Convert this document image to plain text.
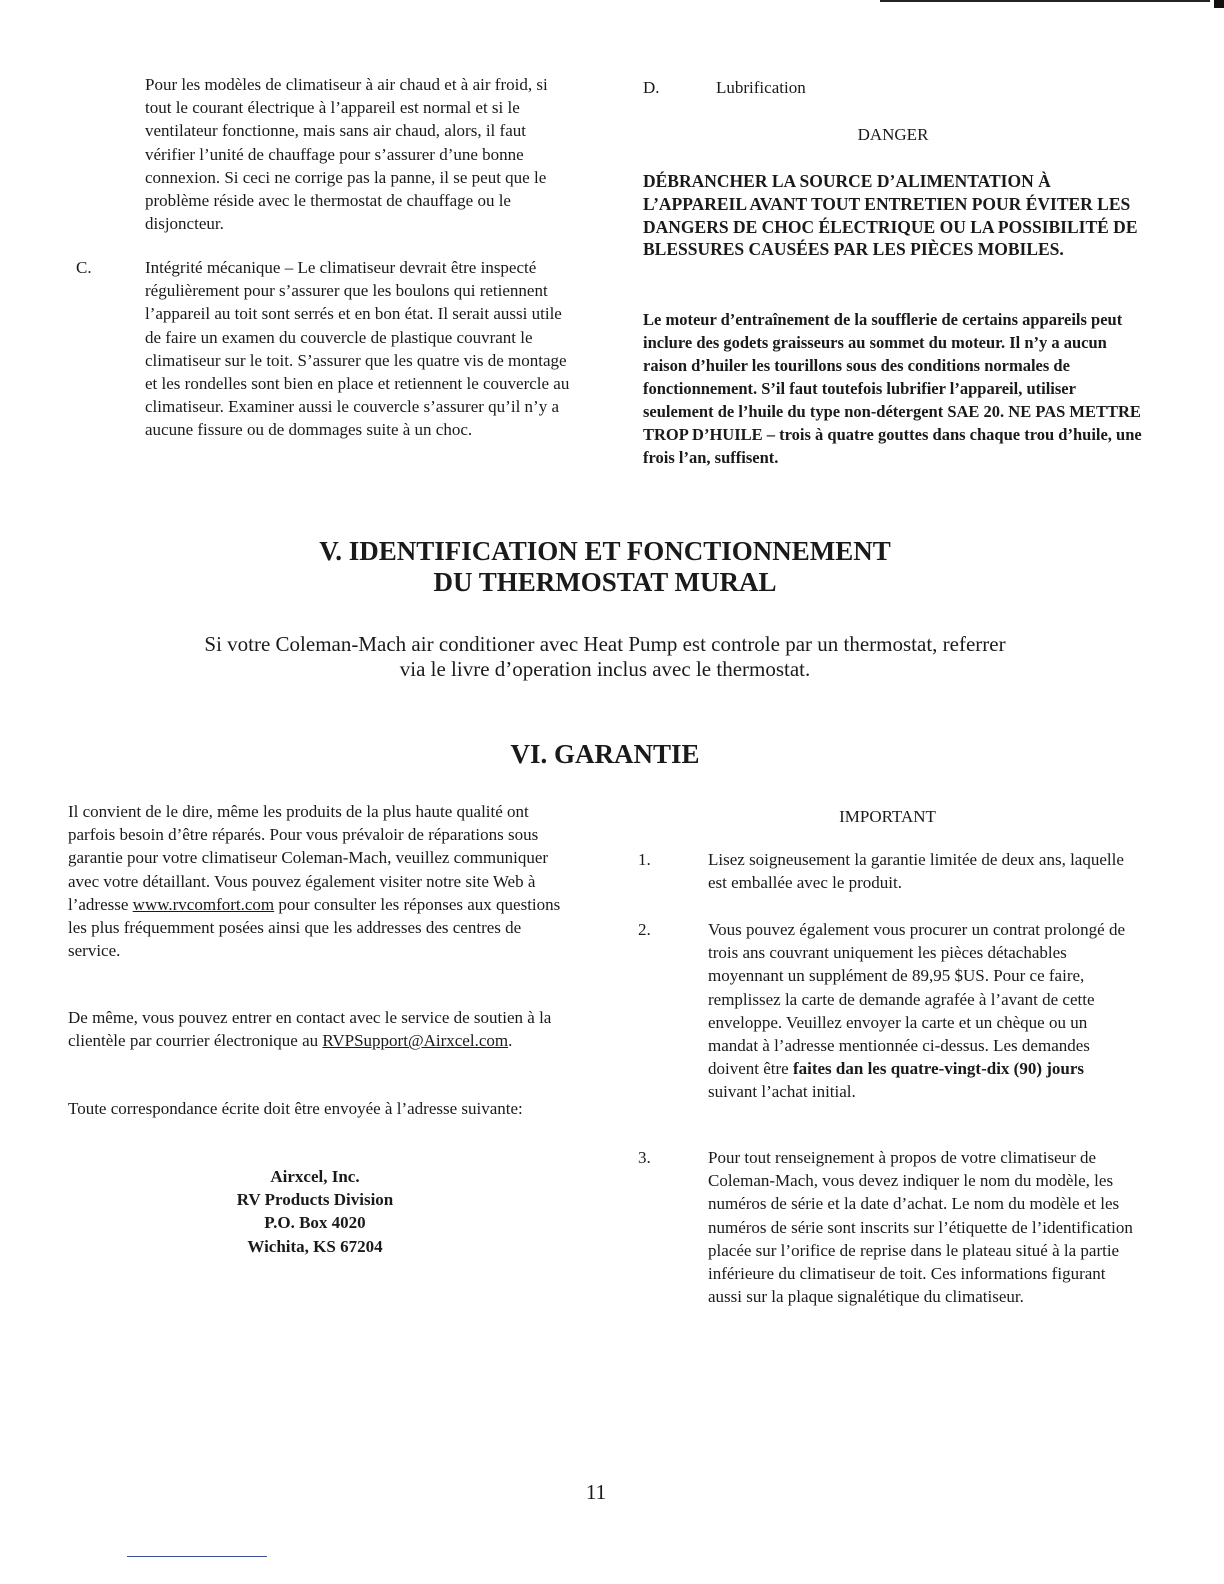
Pour les modèles de climatiseur à air chaud et à air froid, si tout le courant électrique à l’appareil est normal et si le ventilateur fonctionne, mais sans air chaud, alors, il faut vérifier l’unité de chauffage pour s’assurer d’une bonne connexion. Si ceci ne corrige pas la panne, il se peut que le problème réside avec le thermostat de chauffage ou le disjoncteur.

C.	Intégrité mécanique – Le climatiseur devrait être inspecté régulièrement pour s’assurer que les boulons qui retiennent l’appareil au toit sont serrés et en bon état. Il serait aussi utile de faire un examen du couvercle de plastique couvrant le climatiseur sur le toit. S’assurer que les quatre vis de montage et les rondelles sont bien en place et retiennent le couvercle au climatiseur. Examiner aussi le couvercle s’assurer qu’il n’y a aucune fissure ou de dommages suite à un choc.

D.	Lubrification
DANGER

DÉBRANCHER LA SOURCE D’ALIMENTATION À L’APPAREIL AVANT TOUT ENTRETIEN POUR ÉVITER LES DANGERS DE CHOC ÉLECTRIQUE OU LA POSSIBILITÉ DE BLESSURES CAUSÉES PAR LES PIÈCES MOBILES.

Le moteur d’entraînement de la soufflerie de certains appareils peut inclure des godets graisseurs au sommet du moteur. Il n’y a aucun raison d’huiler les tourillons sous des conditions normales de fonctionnement. S’il faut toutefois lubrifier l’appareil, utiliser seulement de l’huile du type non-détergent SAE 20. NE PAS METTRE TROP D’HUILE – trois à quatre gouttes dans chaque trou d’huile, une frois l’an, suffisent.

V. IDENTIFICATION ET FONCTIONNEMENT
DU THERMOSTAT MURAL
Si votre Coleman-Mach air conditioner avec Heat Pump est controle par un thermostat, referrer
via le livre d’operation inclus avec le thermostat.
VI. GARANTIE

Il convient de le dire, même les produits de la plus haute qualité ont parfois besoin d’être réparés. Pour vous prévaloir de réparations sous garantie pour votre climatiseur Coleman-Mach, veuillez communiquer avec votre détaillant. Vous pouvez également visiter notre site Web à l’adresse www.rvcomfort.com pour consulter les réponses aux questions les plus fréquemment posées ainsi que les addresses des centres de service.

De même, vous pouvez entrer en contact avec le service de soutien à la clientèle par courrier électronique au RVPSupport@Airxcel.com.

Toute correspondance écrite doit être envoyée à l’adresse suivante:

Airxcel, Inc.
RV Products Division
P.O. Box 4020
Wichita, KS 67204
IMPORTANT
1.	Lisez soigneusement la garantie limitée de deux ans, laquelle est emballée avec le produit.

2.	Vous pouvez également vous procurer un contrat prolongé de trois ans couvrant uniquement les pièces détachables moyennant un supplément de 89,95 $US. Pour ce faire, remplissez la carte de demande agrafée à l’avant de cette enveloppe. Veuillez envoyer la carte et un chèque ou un mandat à l’adresse mentionnée ci-dessus. Les demandes doivent être faites dan les quatre-vingt-dix (90) jours suivant l’achat initial.

3.	Pour tout renseignement à propos de votre climatiseur de Coleman-Mach, vous devez indiquer le nom du modèle, les numéros de série et la date d’achat. Le nom du modèle et les numéros de série sont inscrits sur l’étiquette de l’identification placée sur l’orifice de reprise dans le plateau situé à la partie inférieure du climatiseur de toit. Ces informations figurant aussi sur la plaque signalétique du climatiseur.

11
